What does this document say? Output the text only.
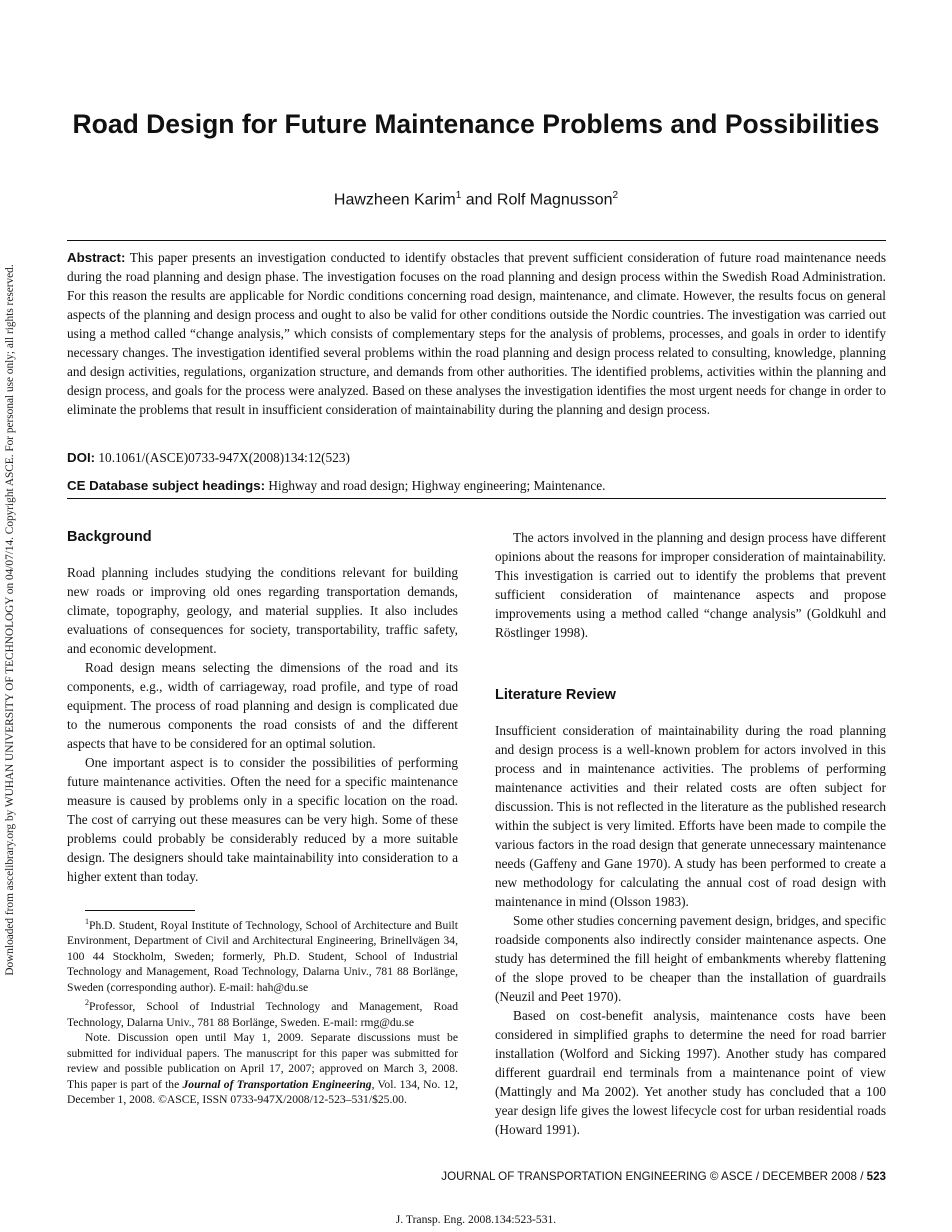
Downloaded from ascelibrary.org by WUHAN UNIVERSITY OF TECHNOLOGY on 04/07/14. Copyright ASCE. For personal use only; all rights reserved.
Road Design for Future Maintenance Problems and Possibilities
Hawzheen Karim$^1$ and Rolf Magnusson$^2$
Abstract: This paper presents an investigation conducted to identify obstacles that prevent sufficient consideration of future road maintenance needs during the road planning and design phase. The investigation focuses on the road planning and design process within the Swedish Road Administration. For this reason the results are applicable for Nordic conditions concerning road design, maintenance, and climate. However, the results focus on general aspects of the planning and design process and ought to also be valid for other conditions outside the Nordic countries. The investigation was carried out using a method called “change analysis,” which consists of complementary steps for the analysis of problems, processes, and goals in order to identify necessary changes. The investigation identified several problems within the road planning and design process related to consulting, knowledge, planning and design activities, regulations, organization structure, and demands from other authorities. The identified problems, activities within the planning and design process, and goals for the process were analyzed. Based on these analyses the investigation identifies the most urgent needs for change in order to eliminate the problems that result in insufficient consideration of maintainability during the planning and design process.
DOI: 10.1061/(ASCE)0733-947X(2008)134:12(523)
CE Database subject headings: Highway and road design; Highway engineering; Maintenance.
Background

Road planning includes studying the conditions relevant for building new roads or improving old ones regarding transportation demands, climate, topography, geology, and material supplies. It also includes evaluations of consequences for society, transportability, traffic safety, and economic development.

Road design means selecting the dimensions of the road and its components, e.g., width of carriageway, road profile, and type of road equipment. The process of road planning and design is complicated due to the numerous components the road consists of and the different aspects that have to be considered for an optimal solution.

One important aspect is to consider the possibilities of performing future maintenance activities. Often the need for a specific maintenance measure is caused by problems only in a specific location on the road. The cost of carrying out these measures can be very high. Some of these problems could probably be considerably reduced by a more suitable design. The designers should take maintainability into consideration to a higher extent than today.

$^1$Ph.D. Student, Royal Institute of Technology, School of Architecture and Built Environment, Department of Civil and Architectural Engineering, Brinellvägen 34, 100 44 Stockholm, Sweden; formerly, Ph.D. Student, School of Industrial Technology and Management, Road Technology, Dalarna Univ., 781 88 Borlänge, Sweden (corresponding author). E-mail: hah@du.se

$^2$Professor, School of Industrial Technology and Management, Road Technology, Dalarna Univ., 781 88 Borlänge, Sweden. E-mail: rmg@du.se

Note. Discussion open until May 1, 2009. Separate discussions must be submitted for individual papers. The manuscript for this paper was submitted for review and possible publication on April 17, 2007; approved on March 3, 2008. This paper is part of the Journal of Transportation Engineering, Vol. 134, No. 12, December 1, 2008. ©ASCE, ISSN 0733-947X/2008/12-523–531/$25.00.

The actors involved in the planning and design process have different opinions about the reasons for improper consideration of maintainability. This investigation is carried out to identify the problems that prevent sufficient consideration of maintenance aspects and propose improvements using a method called “change analysis” (Goldkuhl and Röstlinger 1998).

Literature Review

Insufficient consideration of maintainability during the road planning and design process is a well-known problem for actors involved in this process and in maintenance activities. The problems of performing maintenance activities and their related costs are often subject for discussion. This is not reflected in the literature as the published research within the subject is very limited. Efforts have been made to compile the various factors in the road design that generate unnecessary maintenance needs (Gaffeny and Gane 1970). A study has been performed to create a new methodology for calculating the annual cost of road design with maintenance in mind (Olsson 1983).

Some other studies concerning pavement design, bridges, and specific roadside components also indirectly consider maintenance aspects. One study has determined the fill height of embankments whereby flattening of the slope proved to be cheaper than the installation of guardrails (Neuzil and Peet 1970).

Based on cost-benefit analysis, maintenance costs have been considered in simplified graphs to determine the need for road barrier installation (Wolford and Sicking 1997). Another study has compared different guardrail end terminals from a maintenance point of view (Mattingly and Ma 2002). Yet another study has concluded that a 100 year design life gives the lowest lifecycle cost for urban residential roads (Howard 1991).

JOURNAL OF TRANSPORTATION ENGINEERING © ASCE / DECEMBER 2008 / 523
J. Transp. Eng. 2008.134:523-531.
